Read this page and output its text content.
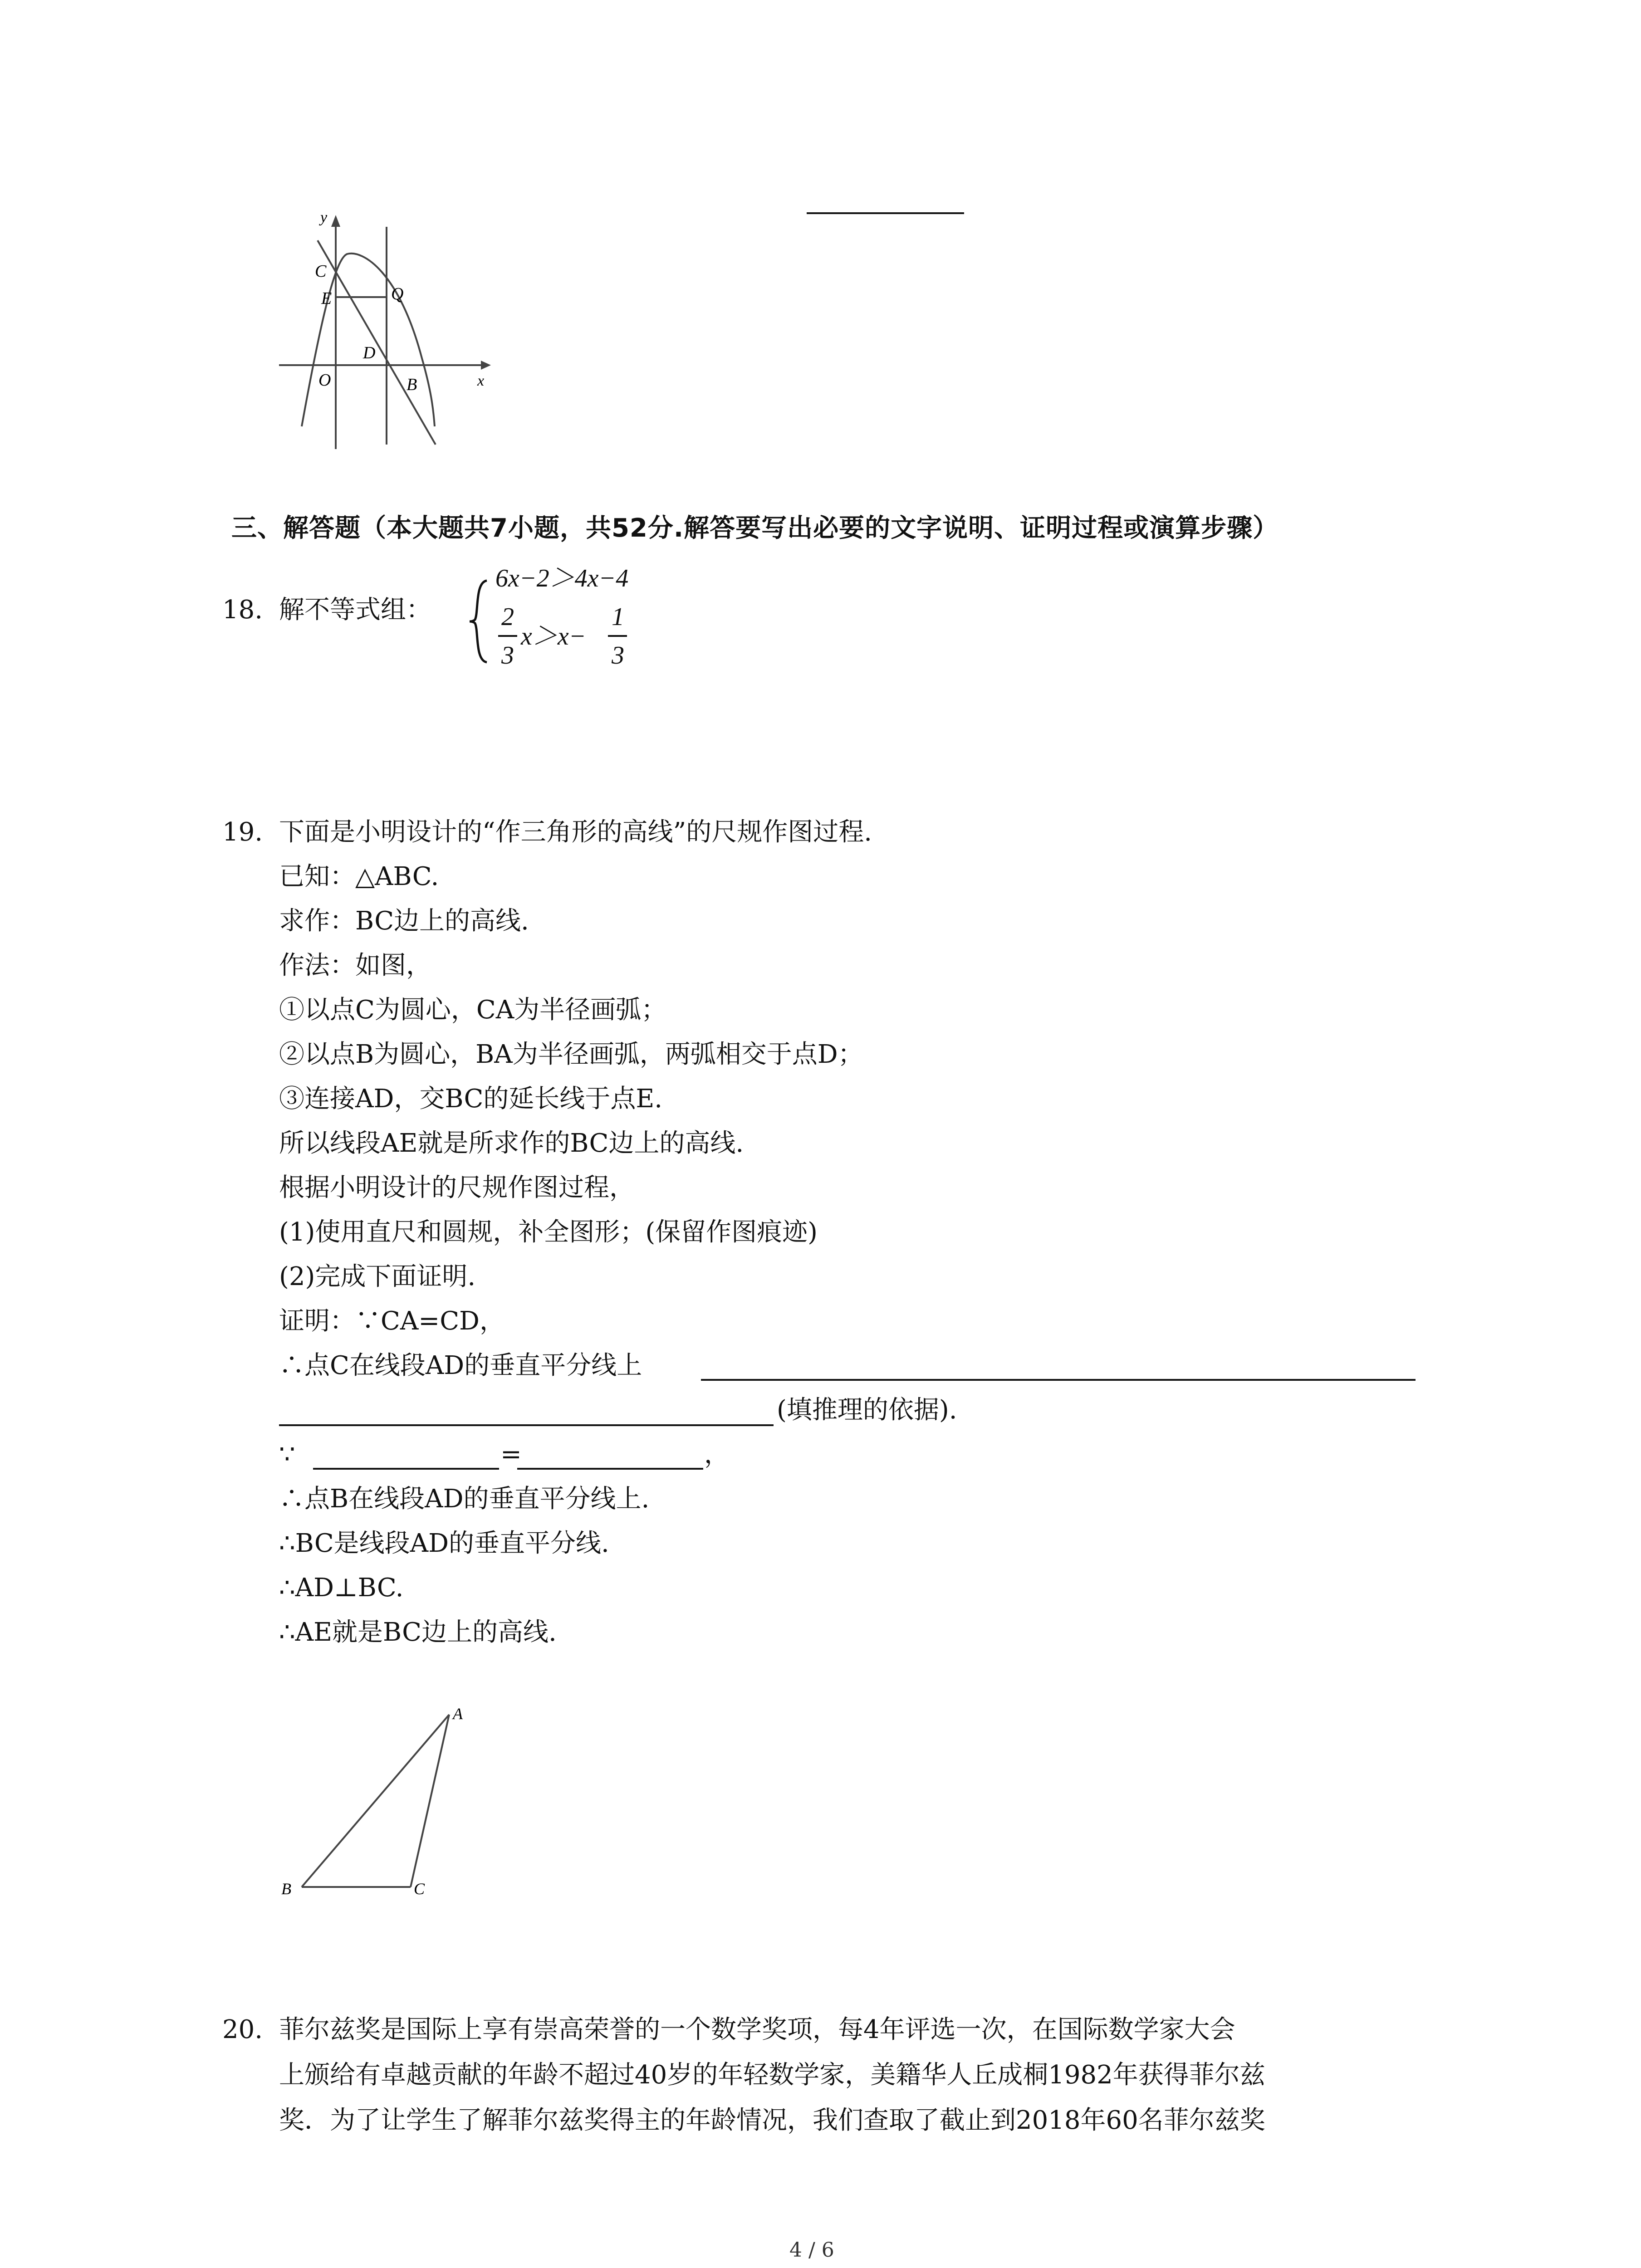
y
x
C
E	Q
D
O	B
三、解答题（本大题共7小题，共52分.解答要写出必要的文字说明、证明过程或演算步骤）
18. 解不等式组：
6x−2＞4x−4
2
3
x＞x−
1
3
19. 下面是小明设计的“作三角形的高线”的尺规作图过程.
已知：△ABC.
求作：BC边上的高线.
作法：如图，
①以点C为圆心，CA为半径画弧；
②以点B为圆心，BA为半径画弧，两弧相交于点D；
③连接AD，交BC的延长线于点E.
所以线段AE就是所求作的BC边上的高线.
根据小明设计的尺规作图过程，
(1)使用直尺和圆规，补全图形；(保留作图痕迹)
(2)完成下面证明.
证明：∵CA=CD，
∴点C在线段AD的垂直平分线上
(填推理的依据).
∵	=	，
∴点B在线段AD的垂直平分线上.
∴BC是线段AD的垂直平分线.
∴AD⊥BC.
∴AE就是BC边上的高线.
A
B	C
20. 菲尔兹奖是国际上享有崇高荣誉的一个数学奖项，每4年评选一次，在国际数学家大会
上颁给有卓越贡献的年龄不超过40岁的年轻数学家，美籍华人丘成桐1982年获得菲尔兹
奖．为了让学生了解菲尔兹奖得主的年龄情况，我们查取了截止到2018年60名菲尔兹奖
4 / 6
